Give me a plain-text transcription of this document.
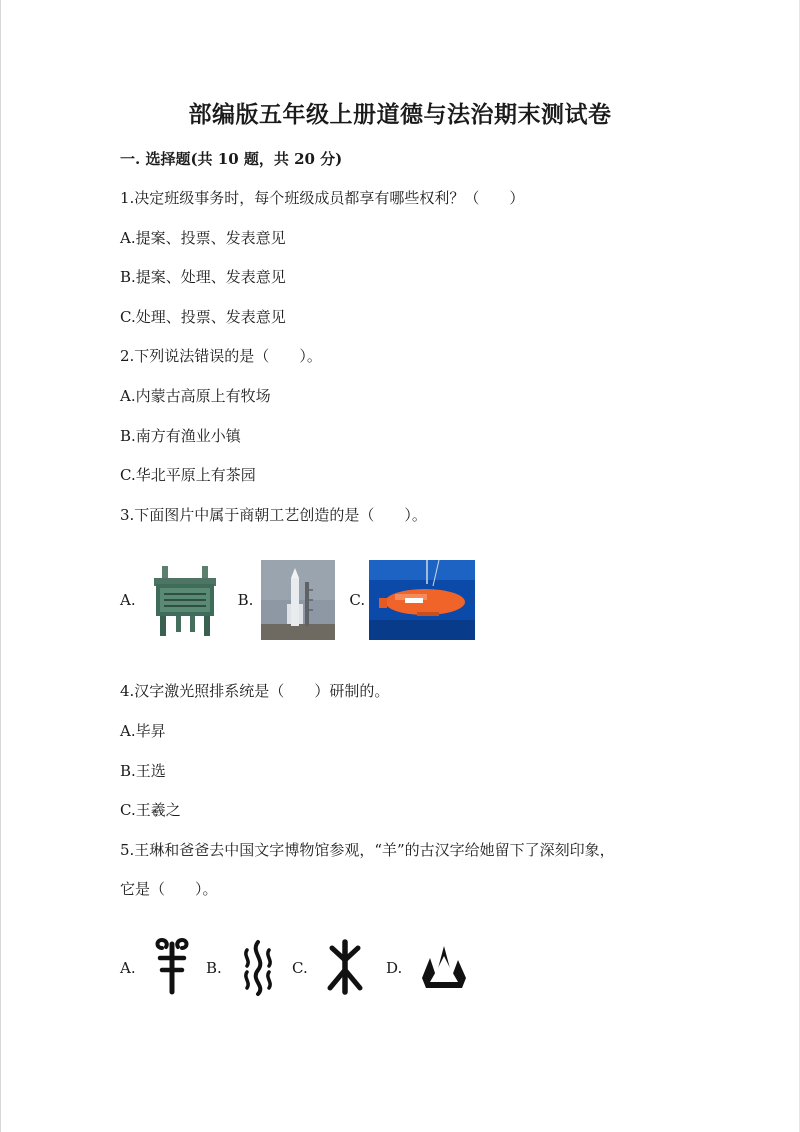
部编版五年级上册道德与法治期末测试卷
一. 选择题(共 10 题，共 20 分)
1.决定班级事务时，每个班级成员都享有哪些权利？（　　）
A.提案、投票、发表意见
B.提案、处理、发表意见
C.处理、投票、发表意见
2.下列说法错误的是（　　）。
A.内蒙古高原上有牧场
B.南方有渔业小镇
C.华北平原上有茶园
3.下面图片中属于商朝工艺创造的是（　　）。
A.	B.	C.
4.汉字激光照排系统是（　　）研制的。
A.毕昇
B.王选
C.王羲之
5.王琳和爸爸去中国文字博物馆参观，“羊”的古汉字给她留下了深刻印象，
它是（　　）。
A.	B.	C.	D.
